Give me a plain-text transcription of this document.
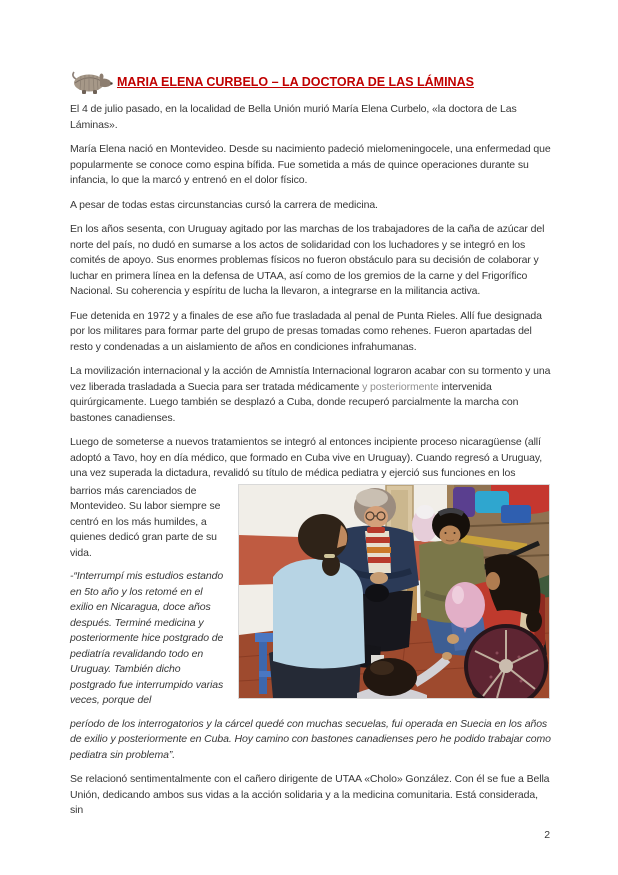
MARIA ELENA CURBELO – LA DOCTORA DE LAS LÁMINAS

El 4 de julio pasado, en la localidad de Bella Unión murió María Elena Curbelo, «la doctora de Las Láminas».

María Elena nació en Montevideo. Desde su nacimiento padeció mielomeningocele, una enfermedad que popularmente se conoce como espina bífida. Fue sometida a más de quince operaciones durante su infancia, lo que la marcó y entrenó en el dolor físico.

A pesar de todas estas circunstancias cursó la carrera de medicina.

En los años sesenta, con Uruguay agitado por las marchas de los trabajadores de la caña de azúcar del norte del país, no dudó en sumarse a los actos de solidaridad con los luchadores y se integró en los comités de apoyo. Sus enormes problemas físicos no fueron obstáculo para su decisión de colaborar y luchar en primera línea en la defensa de UTAA, así como de los gremios de la carne y del Frigorífico Nacional. Su coherencia y espíritu de lucha la llevaron, a integrarse en la militancia activa.

Fue detenida en 1972 y a finales de ese año fue trasladada al penal de Punta Rieles. Allí fue designada por los militares para formar parte del grupo de presas tomadas como rehenes. Fueron apartadas del resto y condenadas a un aislamiento de años en condiciones infrahumanas.

La movilización internacional y la acción de Amnistía Internacional lograron acabar con su tormento y una vez liberada trasladada a Suecia para ser tratada médicamente y posteriormente intervenida quirúrgicamente. Luego también se desplazó a Cuba, donde recuperó parcialmente la marcha con bastones canadienses.

Luego de someterse a nuevos tratamientos se integró al entonces incipiente proceso nicaragüense (allí adoptó a Tavo, hoy en día médico, que formado en Cuba vive en Uruguay). Cuando regresó a Uruguay, una vez superada la dictadura, revalidó su título de médica pediatra y ejerció sus funciones en los

barrios más carenciados de Montevideo. Su labor siempre se centró en los más humildes, a quienes dedicó gran parte de su vida.

-“Interrumpí mis estudios estando en 5to año y los retomé en el exilio en Nicaragua, doce años después. Terminé medicina y posteriormente hice postgrado de pediatría revalidando todo en Uruguay. También dicho postgrado fue interrumpido varias veces, porque del

período de los interrogatorios y la cárcel quedé con muchas secuelas, fui operada en Suecia en los años de exilio y posteriormente en Cuba. Hoy camino con bastones canadienses pero he podido trabajar como pediatra sin problema”.

Se relacionó sentimentalmente con el cañero dirigente de UTAA «Cholo» González. Con él se fue a Bella Unión, dedicando ambos sus vidas a la acción solidaria y a la medicina comunitaria. Está considerada, sin

2
